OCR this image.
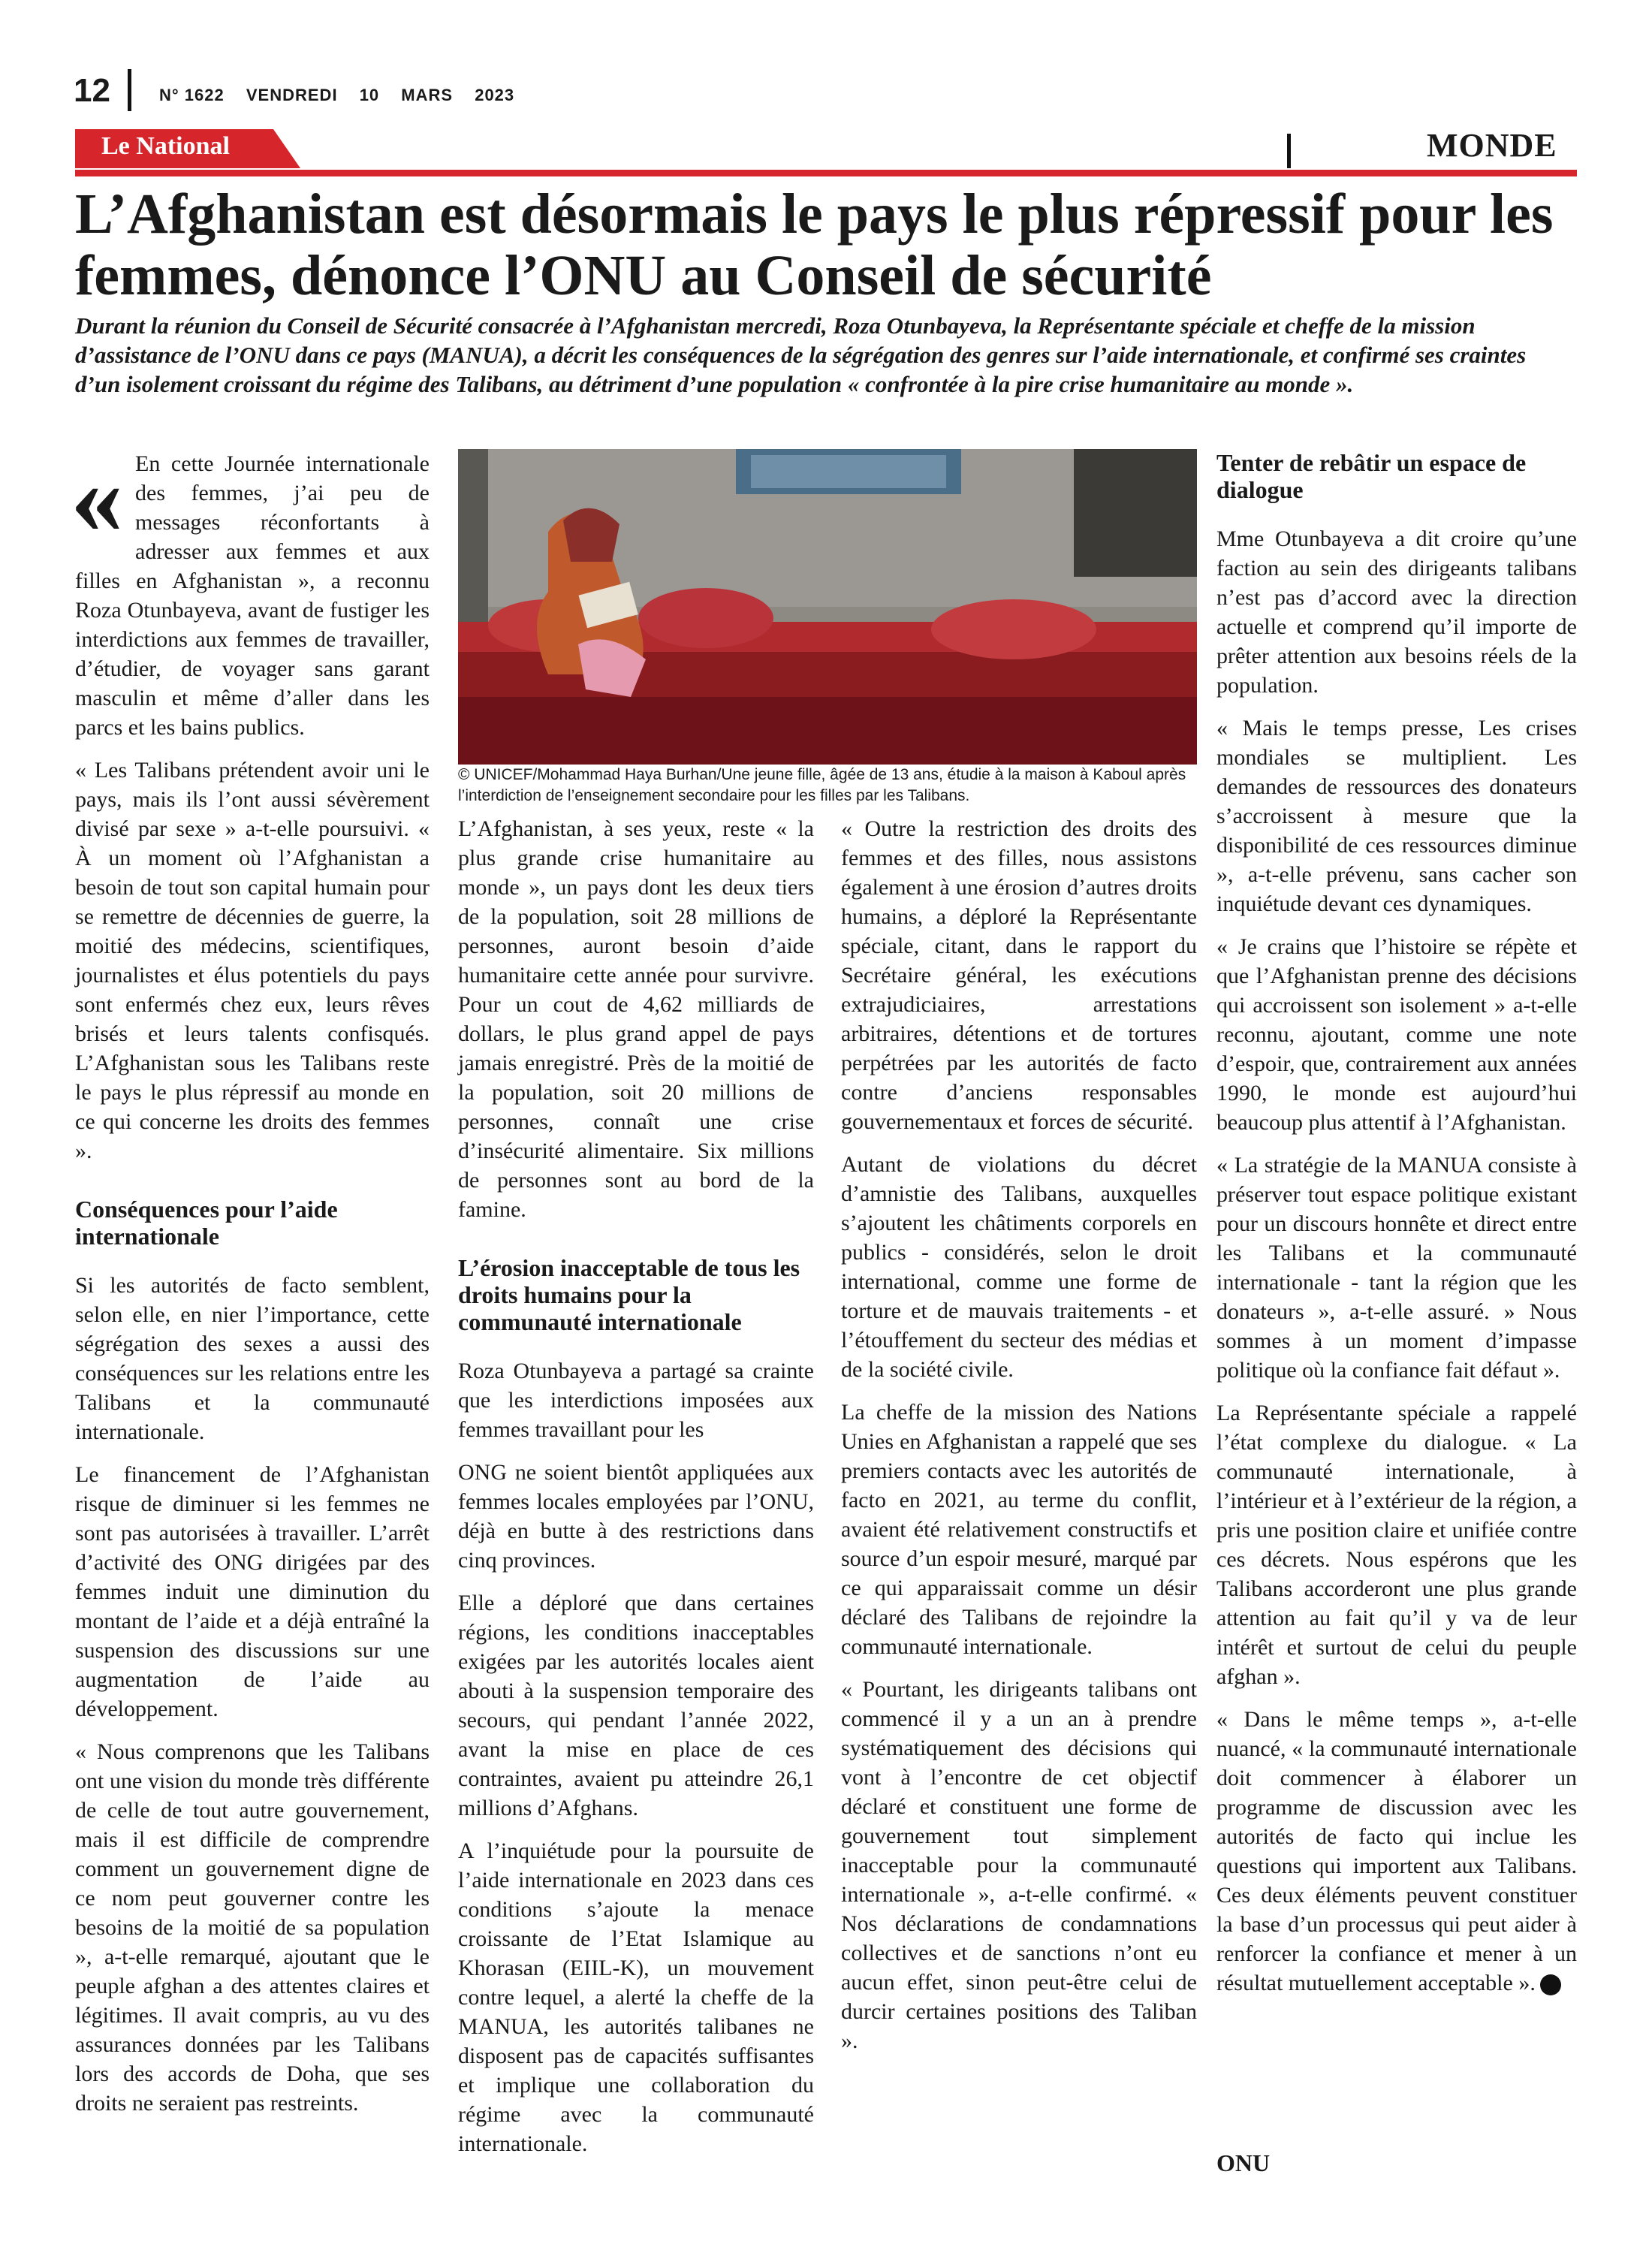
12	N° 1622 VENDREDI 10 MARS 2023
Le National	MONDE
L’Afghanistan est désormais le pays le plus répressif pour les femmes, dénonce l’ONU au Conseil de sécurité

Durant la réunion du Conseil de Sécurité consacrée à l’Afghanistan mercredi, Roza Otunbayeva, la Représentante spéciale et cheffe de la mission d’assistance de l’ONU dans ce pays (MANUA), a décrit les conséquences de la ségrégation des genres sur l’aide internationale, et confirmé ses craintes d’un isolement croissant du régime des Talibans, au détriment d’une population « confrontée à la pire crise humanitaire au monde ».

« En cette Journée internationale des femmes, j’ai peu de messages réconfortants à adresser aux femmes et aux filles en Afghanistan », a reconnu Roza Otunbayeva, avant de fustiger les interdictions aux femmes de travailler, d’étudier, de voyager sans garant masculin et même d’aller dans les parcs et les bains publics.

« Les Talibans prétendent avoir uni le pays, mais ils l’ont aussi sévèrement divisé par sexe » a-t-elle poursuivi. « À un moment où l’Afghanistan a besoin de tout son capital humain pour se remettre de décennies de guerre, la moitié des médecins, scientifiques, journalistes et élus potentiels du pays sont enfermés chez eux, leurs rêves brisés et leurs talents confisqués. L’Afghanistan sous les Talibans reste le pays le plus répressif au monde en ce qui concerne les droits des femmes ».

Conséquences pour l’aide internationale

Si les autorités de facto semblent, selon elle, en nier l’importance, cette ségrégation des sexes a aussi des conséquences sur les relations entre les Talibans et la communauté internationale.

Le financement de l’Afghanistan risque de diminuer si les femmes ne sont pas autorisées à travailler. L’arrêt d’activité des ONG dirigées par des femmes induit une diminution du montant de l’aide et a déjà entraîné la suspension des discussions sur une augmentation de l’aide au développement.

« Nous comprenons que les Talibans ont une vision du monde très différente de celle de tout autre gouvernement, mais il est difficile de comprendre comment un gouvernement digne de ce nom peut gouverner contre les besoins de la moitié de sa population », a-t-elle remarqué, ajoutant que le peuple afghan a des attentes claires et légitimes. Il avait compris, au vu des assurances données par les Talibans lors des accords de Doha, que ses droits ne seraient pas restreints.

© UNICEF/Mohammad Haya Burhan/Une jeune fille, âgée de 13 ans, étudie à la maison à Kaboul après l’interdiction de l’enseignement secondaire pour les filles par les Talibans.

L’Afghanistan, à ses yeux, reste « la plus grande crise humanitaire au monde », un pays dont les deux tiers de la population, soit 28 millions de personnes, auront besoin d’aide humanitaire cette année pour survivre. Pour un cout de 4,62 milliards de dollars, le plus grand appel de pays jamais enregistré. Près de la moitié de la population, soit 20 millions de personnes, connaît une crise d’insécurité alimentaire. Six millions de personnes sont au bord de la famine.

L’érosion inacceptable de tous les droits humains pour la communauté internationale

Roza Otunbayeva a partagé sa crainte que les interdictions imposées aux femmes travaillant pour les

ONG ne soient bientôt appliquées aux femmes locales employées par l’ONU, déjà en butte à des restrictions dans cinq provinces.

Elle a déploré que dans certaines régions, les conditions inacceptables exigées par les autorités locales aient abouti à la suspension temporaire des secours, qui pendant l’année 2022, avant la mise en place de ces contraintes, avaient pu atteindre 26,1 millions d’Afghans.

A l’inquiétude pour la poursuite de l’aide internationale en 2023 dans ces conditions s’ajoute la menace croissante de l’Etat Islamique au Khorasan (EIIL-K), un mouvement contre lequel, a alerté la cheffe de la MANUA, les autorités talibanes ne disposent pas de capacités suffisantes et implique une collaboration du régime avec la communauté internationale.

« Outre la restriction des droits des femmes et des filles, nous assistons également à une érosion d’autres droits humains, a déploré la Représentante spéciale, citant, dans le rapport du Secrétaire général, les exécutions extrajudiciaires, arrestations arbitraires, détentions et de tortures perpétrées par les autorités de facto contre d’anciens responsables gouvernementaux et forces de sécurité.

Autant de violations du décret d’amnistie des Talibans, auxquelles s’ajoutent les châtiments corporels en publics - considérés, selon le droit international, comme une forme de torture et de mauvais traitements - et l’étouffement du secteur des médias et de la société civile.

La cheffe de la mission des Nations Unies en Afghanistan a rappelé que ses premiers contacts avec les autorités de facto en 2021, au terme du conflit, avaient été relativement constructifs et source d’un espoir mesuré, marqué par ce qui apparaissait comme un désir déclaré des Talibans de rejoindre la communauté internationale.

« Pourtant, les dirigeants talibans ont commencé il y a un an à prendre systématiquement des décisions qui vont à l’encontre de cet objectif déclaré et constituent une forme de gouvernement tout simplement inacceptable pour la communauté internationale », a-t-elle confirmé. « Nos déclarations de condamnations collectives et de sanctions n’ont eu aucun effet, sinon peut-être celui de durcir certaines positions des Taliban ».

Tenter de rebâtir un espace de dialogue

Mme Otunbayeva a dit croire qu’une faction au sein des dirigeants talibans n’est pas d’accord avec la direction actuelle et comprend qu’il importe de prêter attention aux besoins réels de la population.

« Mais le temps presse, Les crises mondiales se multiplient. Les demandes de ressources des donateurs s’accroissent à mesure que la disponibilité de ces ressources diminue », a-t-elle prévenu, sans cacher son inquiétude devant ces dynamiques.

« Je crains que l’histoire se répète et que l’Afghanistan prenne des décisions qui accroissent son isolement » a-t-elle reconnu, ajoutant, comme une note d’espoir, que, contrairement aux années 1990, le monde est aujourd’hui beaucoup plus attentif à l’Afghanistan.

« La stratégie de la MANUA consiste à préserver tout espace politique existant pour un discours honnête et direct entre les Talibans et la communauté internationale - tant la région que les donateurs », a-t-elle assuré. » Nous sommes à un moment d’impasse politique où la confiance fait défaut ».

La Représentante spéciale a rappelé l’état complexe du dialogue. « La communauté internationale, à l’intérieur et à l’extérieur de la région, a pris une position claire et unifiée contre ces décrets. Nous espérons que les Talibans accorderont une plus grande attention au fait qu’il y va de leur intérêt et surtout de celui du peuple afghan ».

« Dans le même temps », a-t-elle nuancé, « la communauté internationale doit commencer à élaborer un programme de discussion avec les autorités de facto qui inclue les questions qui importent aux Talibans. Ces deux éléments peuvent constituer la base d’un processus qui peut aider à renforcer la confiance et mener à un résultat mutuellement acceptable ».

ONU
